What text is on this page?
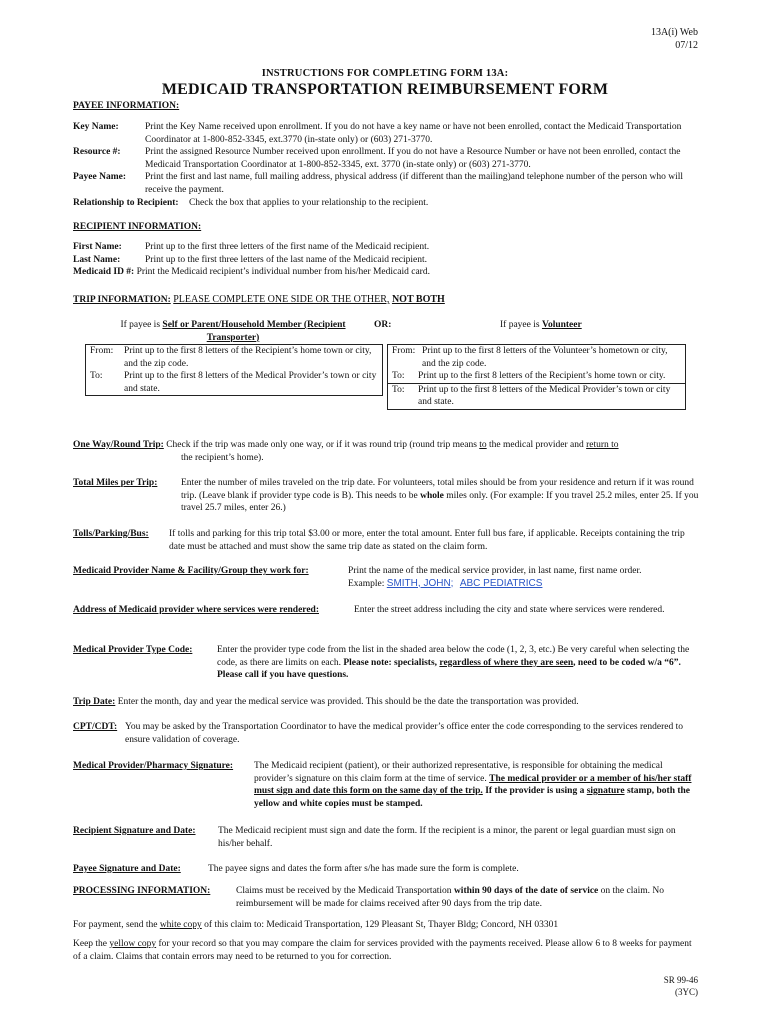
13A(i) Web
07/12
INSTRUCTIONS FOR COMPLETING FORM 13A:
MEDICAID TRANSPORTATION REIMBURSEMENT FORM
PAYEE INFORMATION:
Key Name:	Print the Key Name received upon enrollment. If you do not have a key name or have not been enrolled, contact the Medicaid Transportation Coordinator at 1-800-852-3345, ext.3770 (in-state only) or (603) 271-3770.
Resource #:	Print the assigned Resource Number received upon enrollment. If you do not have a Resource Number or have not been enrolled, contact the Medicaid Transportation Coordinator at 1-800-852-3345, ext. 3770 (in-state only) or (603) 271-3770.
Payee Name:	Print the first and last name, full mailing address, physical address (if different than the mailing)and telephone number of the person who will receive the payment.
Relationship to Recipient: Check the box that applies to your relationship to the recipient.
RECIPIENT INFORMATION:
First Name:	Print up to the first three letters of the first name of the Medicaid recipient.
Last Name:	Print up to the first three letters of the last name of the Medicaid recipient.
Medicaid ID #: Print the Medicaid recipient’s individual number from his/her Medicaid card.
TRIP INFORMATION: PLEASE COMPLETE ONE SIDE OR THE OTHER, NOT BOTH
If payee is Self or Parent/Household Member (Recipient Transporter)
OR:	If payee is Volunteer
From:	Print up to the first 8 letters of the Recipient’s home town or city, and the zip code.

To:	Print up to the first 8 letters of the Medical Provider’s town or city and state.
From: Print up to the first 8 letters of the Volunteer’s hometown or city, and the zip code.

To:	Print up to the first 8 letters of the Recipient’s home town or city.

To:	Print up to the first 8 letters of the Medical Provider’s town or city and state.
One Way/Round Trip: Check if the trip was made only one way, or if it was round trip (round trip means to the medical provider and return to
the recipient’s home).
Total Miles per Trip:	Enter the number of miles traveled on the trip date. For volunteers, total miles should be from your residence and return if it was round trip. (Leave blank if provider type code is B). This needs to be whole miles only. (For example: If you travel 25.2 miles, enter 25. If you travel 25.7 miles, enter 26.)
Tolls/Parking/Bus:	If tolls and parking for this trip total $3.00 or more, enter the total amount. Enter full bus fare, if applicable. Receipts containing the trip date must be attached and must show the same trip date as stated on the claim form.
Medicaid Provider Name & Facility/Group they work for:	Print the name of the medical service provider, in last name, first name order.
Example: SMITH, JOHN; ABC PEDIATRICS
Address of Medicaid provider where services were rendered:	Enter the street address including the city and state where services were rendered.
Medical Provider Type Code:	Enter the provider type code from the list in the shaded area below the code (1, 2, 3, etc.) Be very careful when selecting the code, as there are limits on each. Please note: specialists, regardless of where they are seen, need to be coded w/a “6”. Please call if you have questions.
Trip Date: Enter the month, day and year the medical service was provided. This should be the date the transportation was provided.
CPT/CDT: You may be asked by the Transportation Coordinator to have the medical provider’s office enter the code corresponding to the services rendered to ensure validation of coverage.
Medical Provider/Pharmacy Signature:	The Medicaid recipient (patient), or their authorized representative, is responsible for obtaining the medical provider’s signature on this claim form at the time of service. The medical provider or a member of his/her staff must sign and date this form on the same day of the trip. If the provider is using a signature stamp, both the yellow and white copies must be stamped.
Recipient Signature and Date:	The Medicaid recipient must sign and date the form. If the recipient is a minor, the parent or legal guardian must sign on his/her behalf.
Payee Signature and Date:	The payee signs and dates the form after s/he has made sure the form is complete.
PROCESSING INFORMATION:	Claims must be received by the Medicaid Transportation within 90 days of the date of service on the claim. No reimbursement will be made for claims received after 90 days from the trip date.
For payment, send the white copy of this claim to: Medicaid Transportation, 129 Pleasant St, Thayer Bldg; Concord, NH 03301
Keep the yellow copy for your record so that you may compare the claim for services provided with the payments received. Please allow 6 to 8 weeks for payment of a claim. Claims that contain errors may need to be returned to you for correction.
SR 99-46
(3YC)
